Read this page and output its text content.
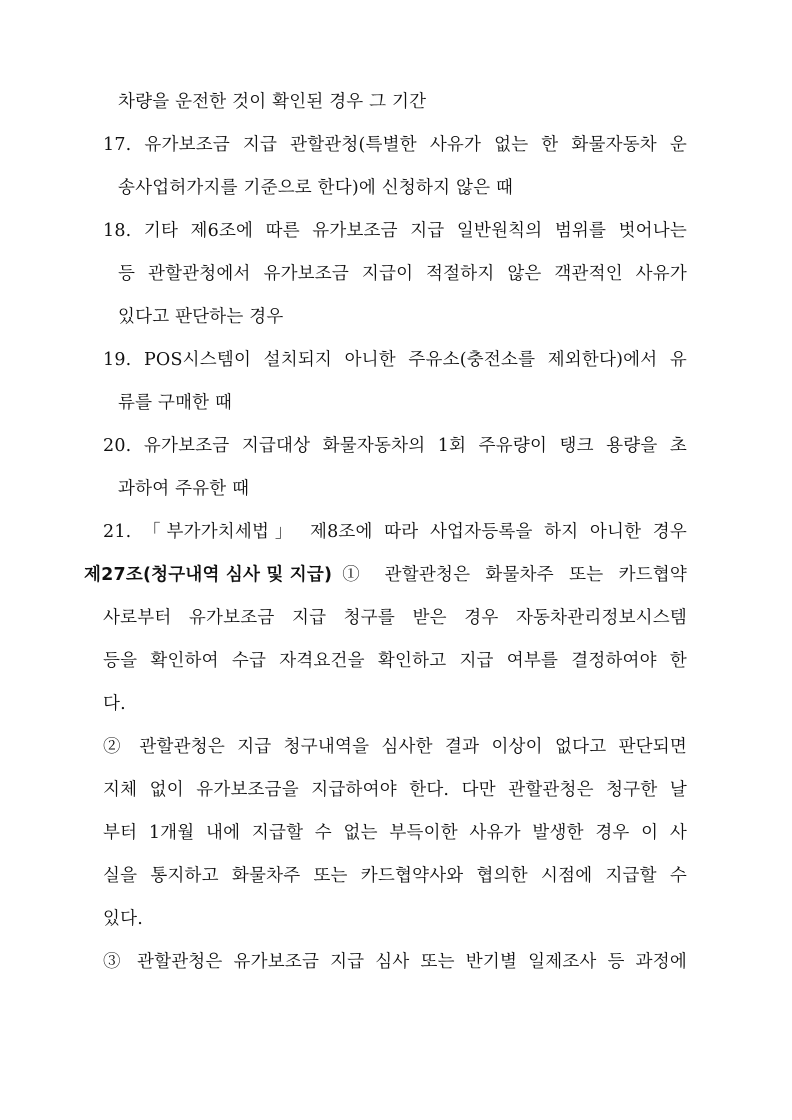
차량을 운전한 것이 확인된 경우 그 기간
17. 유가보조금 지급 관할관청(특별한 사유가 없는 한 화물자동차 운
송사업허가지를 기준으로 한다)에 신청하지 않은 때
18. 기타 제6조에 따른 유가보조금 지급 일반원칙의 범위를 벗어나는
등 관할관청에서 유가보조금 지급이 적절하지 않은 객관적인 사유가
있다고 판단하는 경우
19. POS시스템이 설치되지 아니한 주유소(충전소를 제외한다)에서 유
류를 구매한 때
20. 유가보조금 지급대상 화물자동차의 1회 주유량이 탱크 용량을 초
과하여 주유한 때
21. 「부가가치세법」 제8조에 따라 사업자등록을 하지 아니한 경우
제27조(청구내역 심사 및 지급) ① 관할관청은 화물차주 또는 카드협약
사로부터 유가보조금 지급 청구를 받은 경우 자동차관리정보시스템
등을 확인하여 수급 자격요건을 확인하고 지급 여부를 결정하여야 한
다.
② 관할관청은 지급 청구내역을 심사한 결과 이상이 없다고 판단되면
지체 없이 유가보조금을 지급하여야 한다. 다만 관할관청은 청구한 날
부터 1개월 내에 지급할 수 없는 부득이한 사유가 발생한 경우 이 사
실을 통지하고 화물차주 또는 카드협약사와 협의한 시점에 지급할 수
있다.
③ 관할관청은 유가보조금 지급 심사 또는 반기별 일제조사 등 과정에
